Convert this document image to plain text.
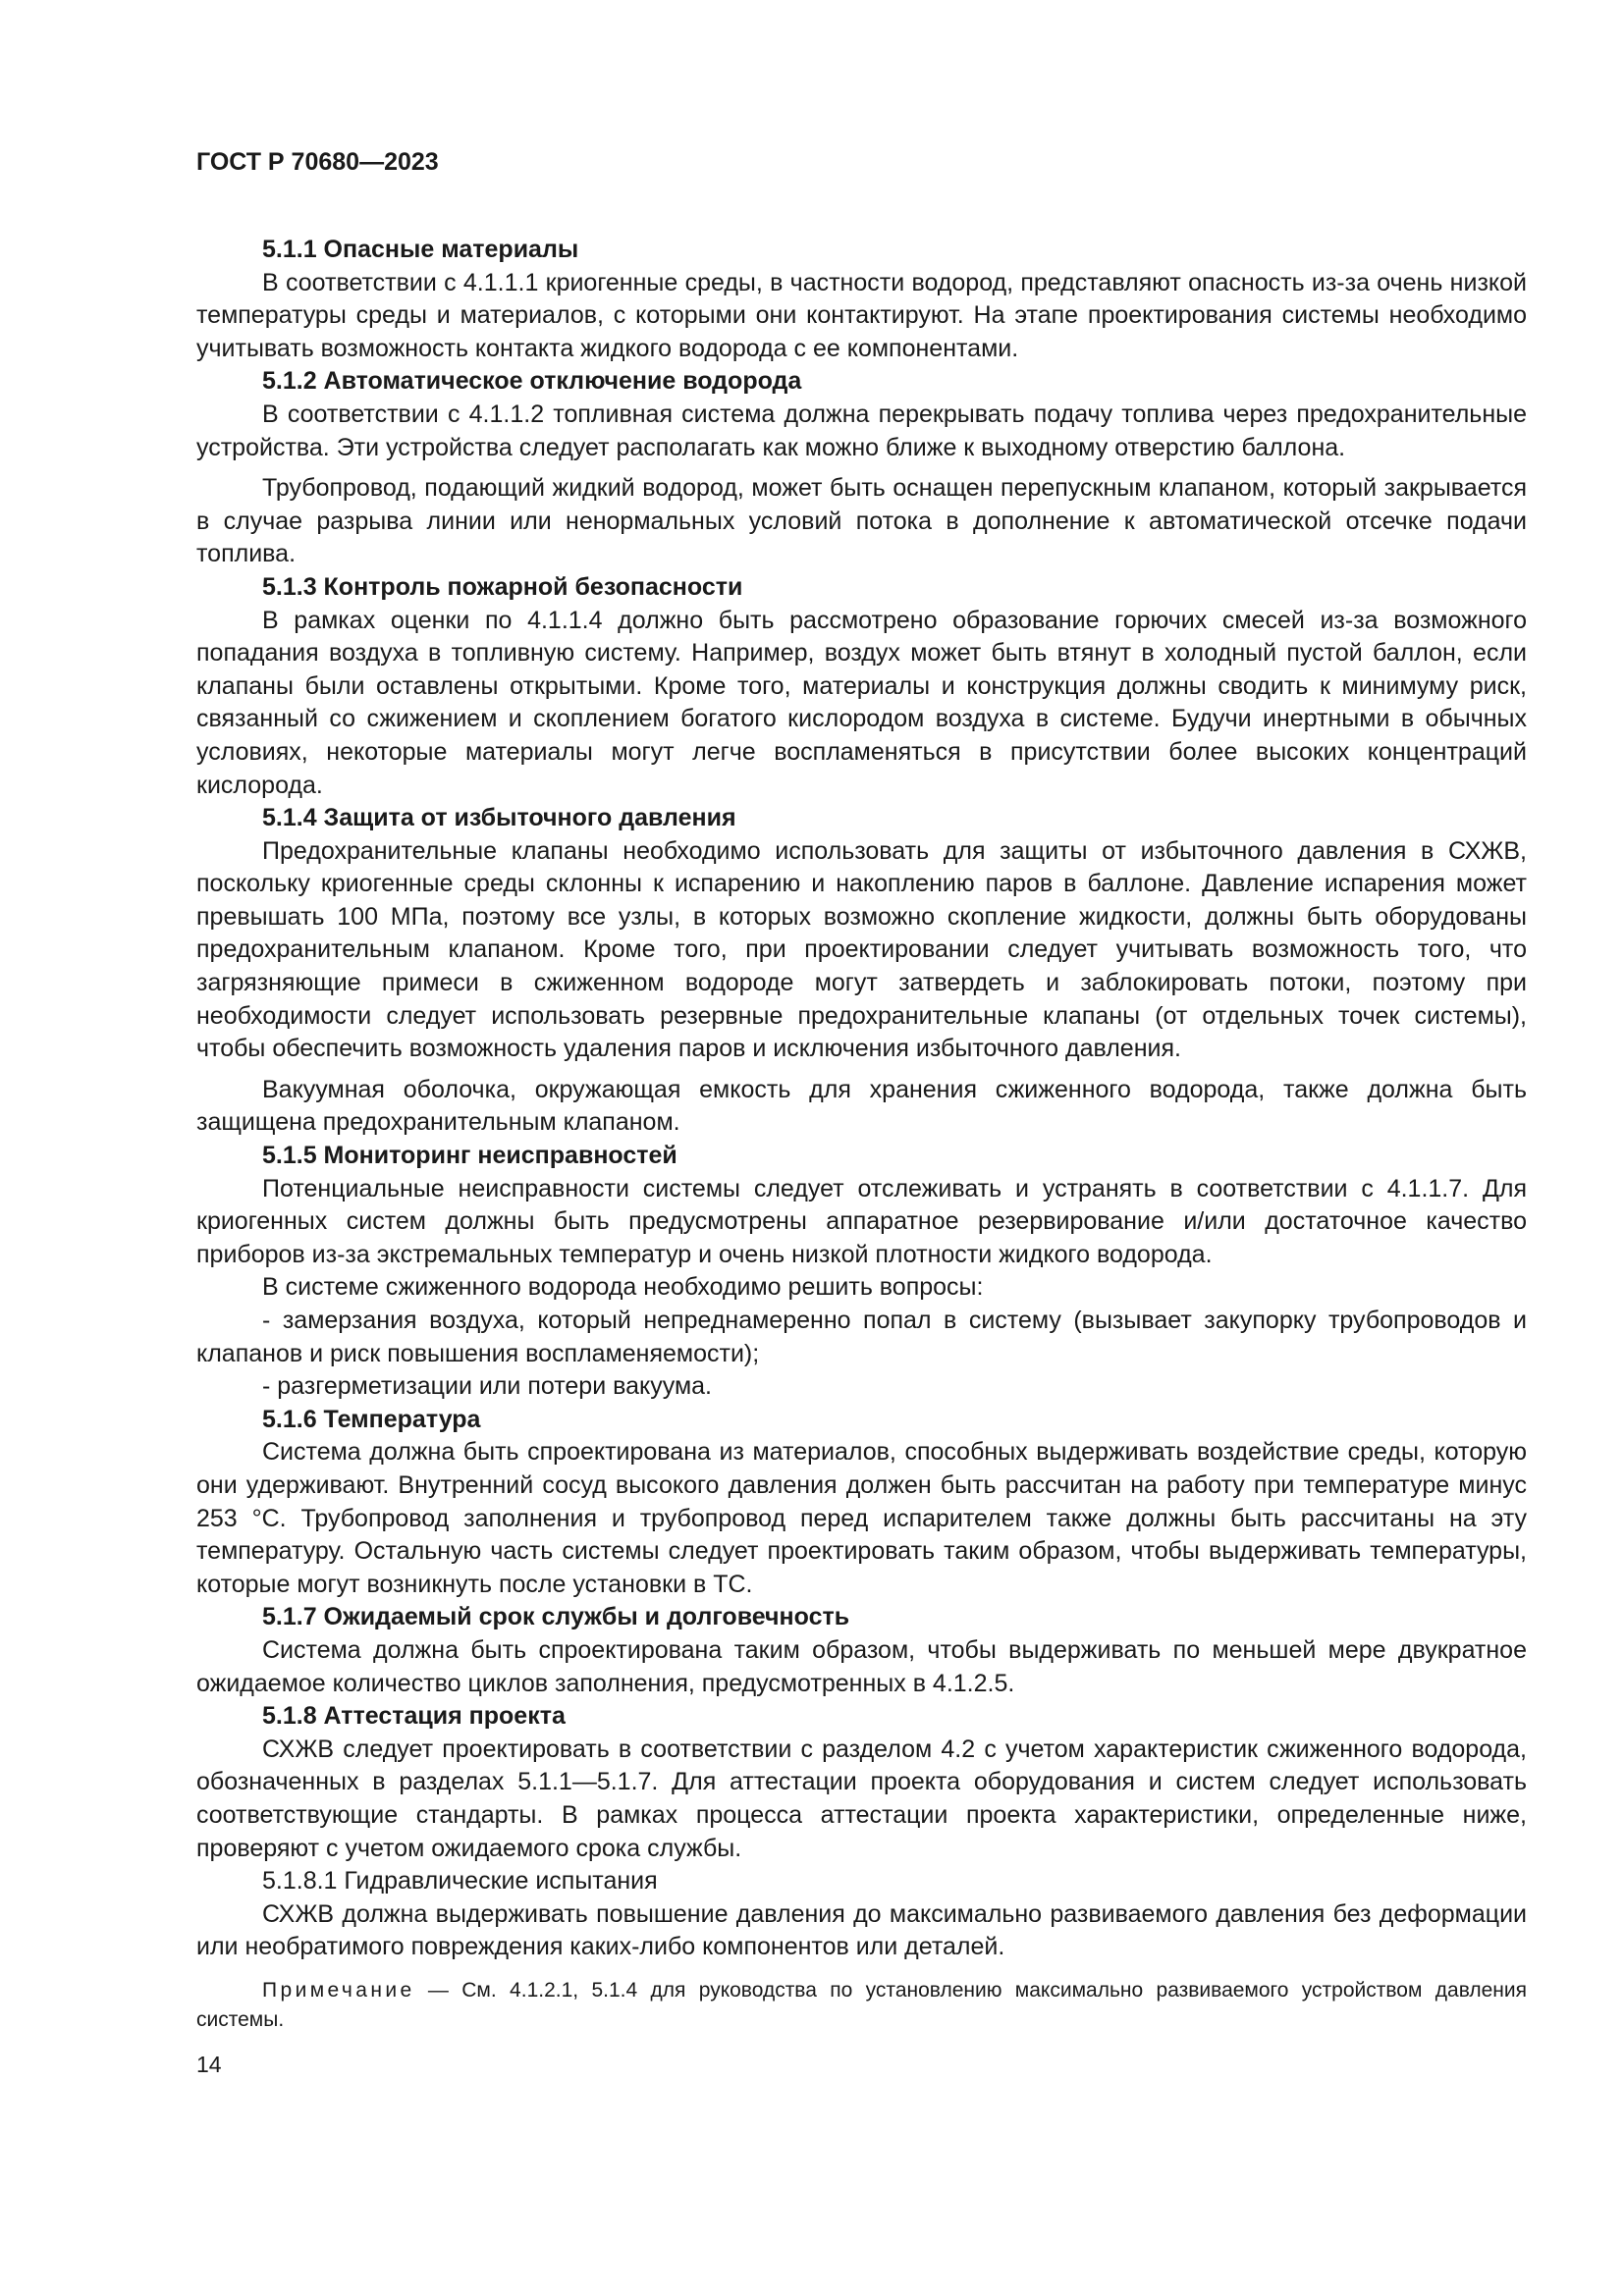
ГОСТ Р 70680—2023

5.1.1 Опасные материалы

В соответствии с 4.1.1.1 криогенные среды, в частности водород, представляют опасность из-за очень низкой температуры среды и материалов, с которыми они контактируют. На этапе проектирования системы необходимо учитывать возможность контакта жидкого водорода с ее компонентами.

5.1.2 Автоматическое отключение водорода

В соответствии с 4.1.1.2 топливная система должна перекрывать подачу топлива через предохранительные устройства. Эти устройства следует располагать как можно ближе к выходному отверстию баллона.

Трубопровод, подающий жидкий водород, может быть оснащен перепускным клапаном, который закрывается в случае разрыва линии или ненормальных условий потока в дополнение к автоматической отсечке подачи топлива.

5.1.3 Контроль пожарной безопасности

В рамках оценки по 4.1.1.4 должно быть рассмотрено образование горючих смесей из-за возможного попадания воздуха в топливную систему. Например, воздух может быть втянут в холодный пустой баллон, если клапаны были оставлены открытыми. Кроме того, материалы и конструкция должны сводить к минимуму риск, связанный со сжижением и скоплением богатого кислородом воздуха в системе. Будучи инертными в обычных условиях, некоторые материалы могут легче воспламеняться в присутствии более высоких концентраций кислорода.

5.1.4 Защита от избыточного давления

Предохранительные клапаны необходимо использовать для защиты от избыточного давления в СХЖВ, поскольку криогенные среды склонны к испарению и накоплению паров в баллоне. Давление испарения может превышать 100 МПа, поэтому все узлы, в которых возможно скопление жидкости, должны быть оборудованы предохранительным клапаном. Кроме того, при проектировании следует учитывать возможность того, что загрязняющие примеси в сжиженном водороде могут затвердеть и заблокировать потоки, поэтому при необходимости следует использовать резервные предохранительные клапаны (от отдельных точек системы), чтобы обеспечить возможность удаления паров и исключения избыточного давления.

Вакуумная оболочка, окружающая емкость для хранения сжиженного водорода, также должна быть защищена предохранительным клапаном.

5.1.5 Мониторинг неисправностей

Потенциальные неисправности системы следует отслеживать и устранять в соответствии с 4.1.1.7. Для криогенных систем должны быть предусмотрены аппаратное резервирование и/или достаточное качество приборов из-за экстремальных температур и очень низкой плотности жидкого водорода.

В системе сжиженного водорода необходимо решить вопросы:

- замерзания воздуха, который непреднамеренно попал в систему (вызывает закупорку трубопроводов и клапанов и риск повышения воспламеняемости);

- разгерметизации или потери вакуума.

5.1.6 Температура

Система должна быть спроектирована из материалов, способных выдерживать воздействие среды, которую они удерживают. Внутренний сосуд высокого давления должен быть рассчитан на работу при температуре минус 253 °С. Трубопровод заполнения и трубопровод перед испарителем также должны быть рассчитаны на эту температуру. Остальную часть системы следует проектировать таким образом, чтобы выдерживать температуры, которые могут возникнуть после установки в ТС.

5.1.7 Ожидаемый срок службы и долговечность

Система должна быть спроектирована таким образом, чтобы выдерживать по меньшей мере двукратное ожидаемое количество циклов заполнения, предусмотренных в 4.1.2.5.

5.1.8 Аттестация проекта

СХЖВ следует проектировать в соответствии с разделом 4.2 с учетом характеристик сжиженного водорода, обозначенных в разделах 5.1.1—5.1.7. Для аттестации проекта оборудования и систем следует использовать соответствующие стандарты. В рамках процесса аттестации проекта характеристики, определенные ниже, проверяют с учетом ожидаемого срока службы.

5.1.8.1 Гидравлические испытания

СХЖВ должна выдерживать повышение давления до максимально развиваемого давления без деформации или необратимого повреждения каких-либо компонентов или деталей.

Примечание — См. 4.1.2.1, 5.1.4 для руководства по установлению максимально развиваемого устройством давления системы.

14
